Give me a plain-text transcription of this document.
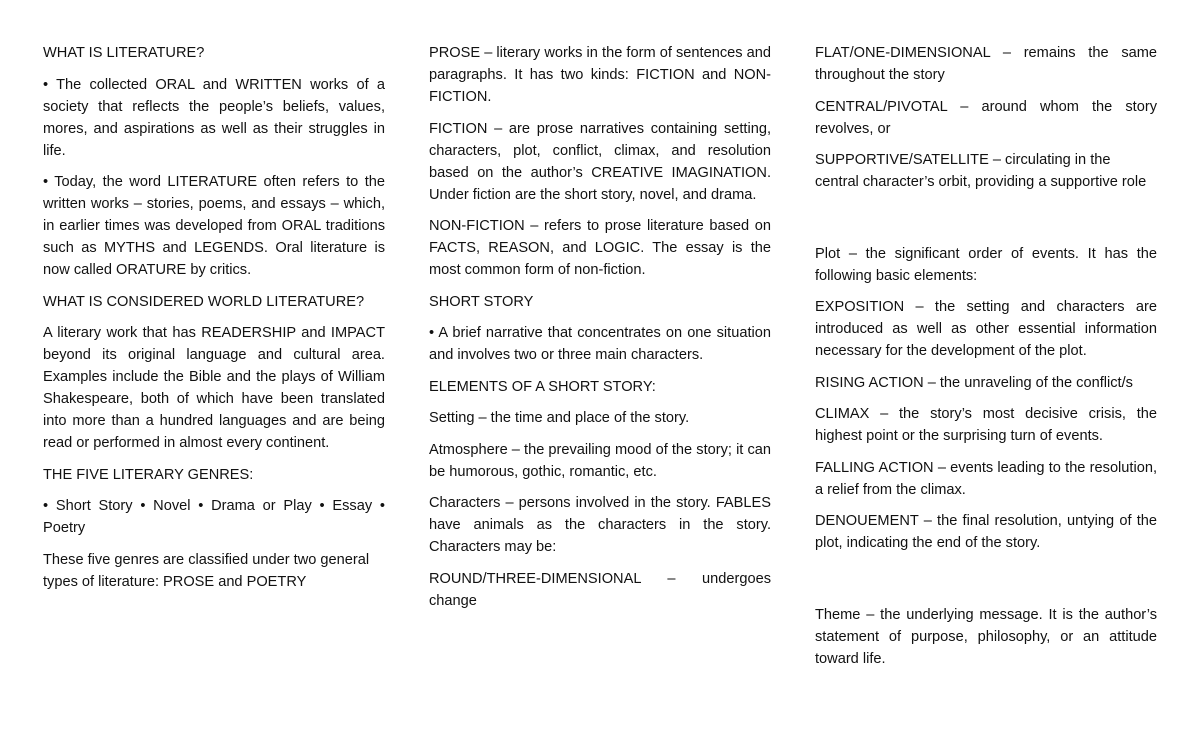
WHAT IS LITERATURE?

• The collected ORAL and WRITTEN works of a society that reflects the people’s beliefs, values, mores, and aspirations as well as their struggles in life.

• Today, the word LITERATURE often refers to the written works – stories, poems, and essays – which, in earlier times was developed from ORAL traditions such as MYTHS and LEGENDS. Oral literature is now called ORATURE by critics.

WHAT IS CONSIDERED WORLD LITERATURE?

A literary work that has READERSHIP and IMPACT beyond its original language and cultural area. Examples include the Bible and the plays of William Shakespeare, both of which have been translated into more than a hundred languages and are being read or performed in almost every continent.

THE FIVE LITERARY GENRES:

• Short Story • Novel • Drama or Play • Essay • Poetry

These five genres are classified under two general types of literature: PROSE and POETRY

PROSE – literary works in the form of sentences and paragraphs. It has two kinds: FICTION and NON-FICTION.

FICTION – are prose narratives containing setting, characters, plot, conflict, climax, and resolution based on the author’s CREATIVE IMAGINATION. Under fiction are the short story, novel, and drama.

NON-FICTION – refers to prose literature based on FACTS, REASON, and LOGIC. The essay is the most common form of non-fiction.

SHORT STORY

• A brief narrative that concentrates on one situation and involves two or three main characters.

ELEMENTS OF A SHORT STORY:

Setting – the time and place of the story.

Atmosphere – the prevailing mood of the story; it can be humorous, gothic, romantic, etc.

Characters – persons involved in the story. FABLES have animals as the characters in the story. Characters may be:

ROUND/THREE-DIMENSIONAL – undergoes change

FLAT/ONE-DIMENSIONAL – remains the same throughout the story

CENTRAL/PIVOTAL – around whom the story revolves, or

SUPPORTIVE/SATELLITE – circulating in the central character’s orbit, providing a supportive role

Plot – the significant order of events. It has the following basic elements:

EXPOSITION – the setting and characters are introduced as well as other essential information necessary for the development of the plot.

RISING ACTION – the unraveling of the conflict/s

CLIMAX – the story’s most decisive crisis, the highest point or the surprising turn of events.

FALLING ACTION – events leading to the resolution, a relief from the climax.

DENOUEMENT – the final resolution, untying of the plot, indicating the end of the story.

Theme – the underlying message. It is the author’s statement of purpose, philosophy, or an attitude toward life.
